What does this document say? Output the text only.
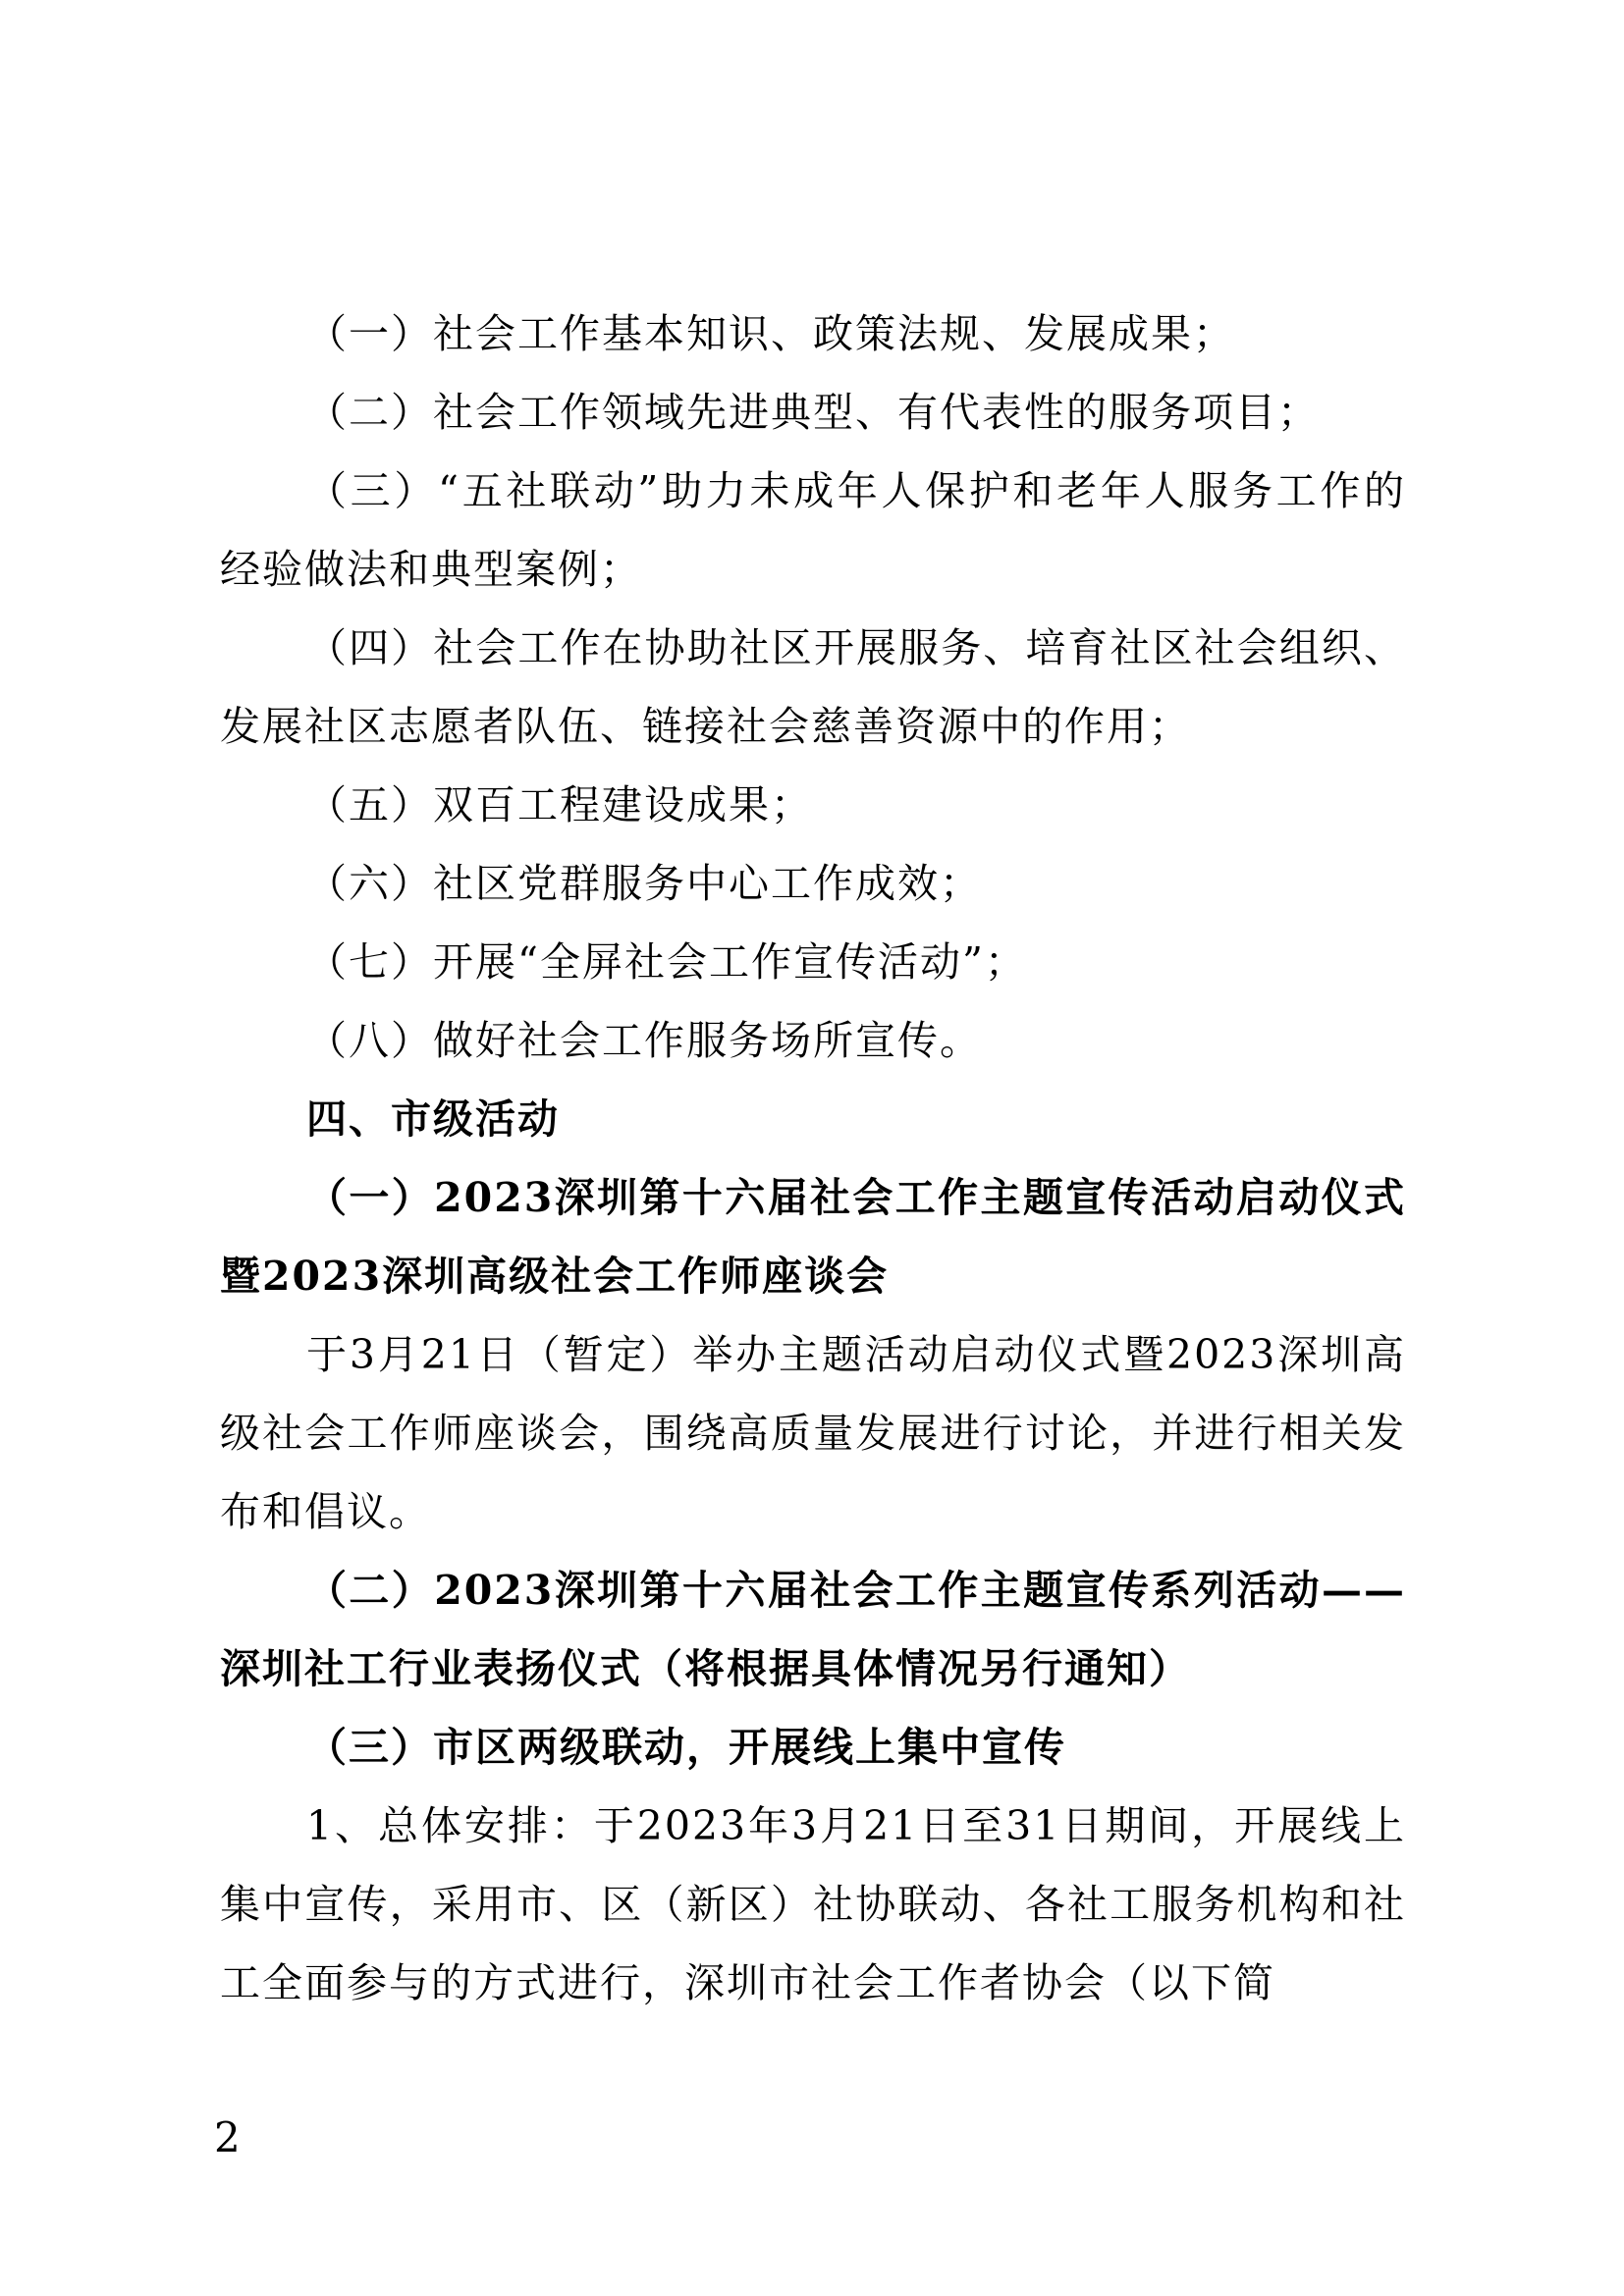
（一）社会工作基本知识、政策法规、发展成果；

（二）社会工作领域先进典型、有代表性的服务项目；

（三）“五社联动”助力未成年人保护和老年人服务工作的经验做法和典型案例；

（四）社会工作在协助社区开展服务、培育社区社会组织、发展社区志愿者队伍、链接社会慈善资源中的作用；

（五）双百工程建设成果；

（六）社区党群服务中心工作成效；

（七）开展“全屏社会工作宣传活动”；

（八）做好社会工作服务场所宣传。

四、市级活动

（一）2023深圳第十六届社会工作主题宣传活动启动仪式暨2023深圳高级社会工作师座谈会

于3月21日（暂定）举办主题活动启动仪式暨2023深圳高级社会工作师座谈会，围绕高质量发展进行讨论，并进行相关发布和倡议。

（二）2023深圳第十六届社会工作主题宣传系列活动——深圳社工行业表扬仪式（将根据具体情况另行通知）

（三）市区两级联动，开展线上集中宣传

1、总体安排：于2023年3月21日至31日期间，开展线上集中宣传，采用市、区（新区）社协联动、各社工服务机构和社工全面参与的方式进行，深圳市社会工作者协会（以下简

2
